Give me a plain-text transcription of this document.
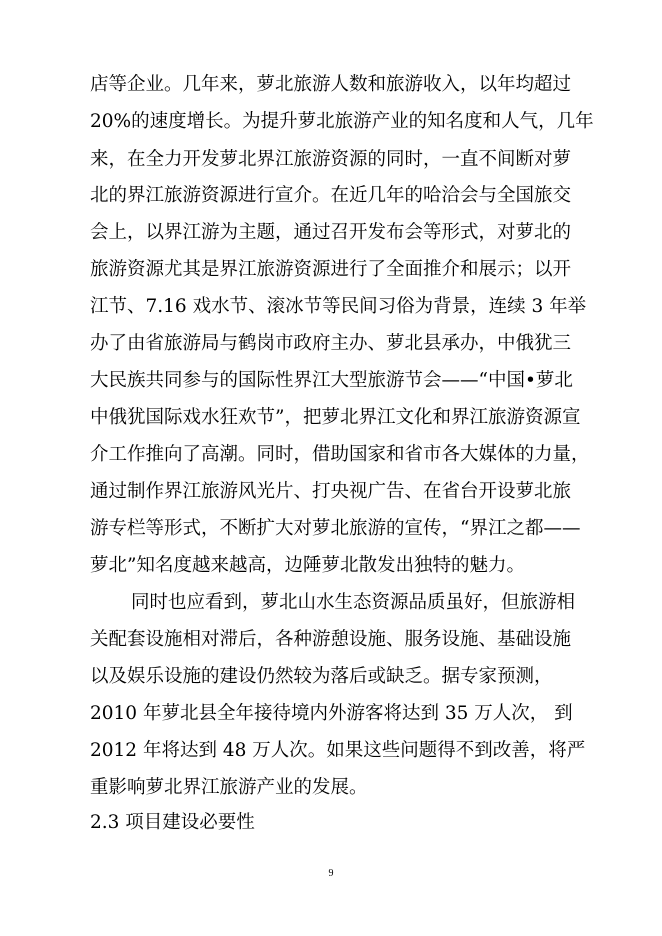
店等企业。几年来，萝北旅游人数和旅游收入，以年均超过
20%的速度增长。为提升萝北旅游产业的知名度和人气，几年
来，在全力开发萝北界江旅游资源的同时，一直不间断对萝
北的界江旅游资源进行宣介。在近几年的哈洽会与全国旅交
会上，以界江游为主题，通过召开发布会等形式，对萝北的
旅游资源尤其是界江旅游资源进行了全面推介和展示；以开
江节、7.16 戏水节、滚冰节等民间习俗为背景，连续 3 年举
办了由省旅游局与鹤岗市政府主办、萝北县承办，中俄犹三
大民族共同参与的国际性界江大型旅游节会——“中国•萝北
中俄犹国际戏水狂欢节”，把萝北界江文化和界江旅游资源宣
介工作推向了高潮。同时，借助国家和省市各大媒体的力量，
通过制作界江旅游风光片、打央视广告、在省台开设萝北旅
游专栏等形式，不断扩大对萝北旅游的宣传，“界江之都——
萝北”知名度越来越高，边陲萝北散发出独特的魅力。
同时也应看到，萝北山水生态资源品质虽好，但旅游相
关配套设施相对滞后，各种游憩设施、服务设施、基础设施
以及娱乐设施的建设仍然较为落后或缺乏。据专家预测，
2010 年萝北县全年接待境内外游客将达到 35 万人次， 到
2012 年将达到 48 万人次。如果这些问题得不到改善，将严
重影响萝北界江旅游产业的发展。
2.3 项目建设必要性
9
